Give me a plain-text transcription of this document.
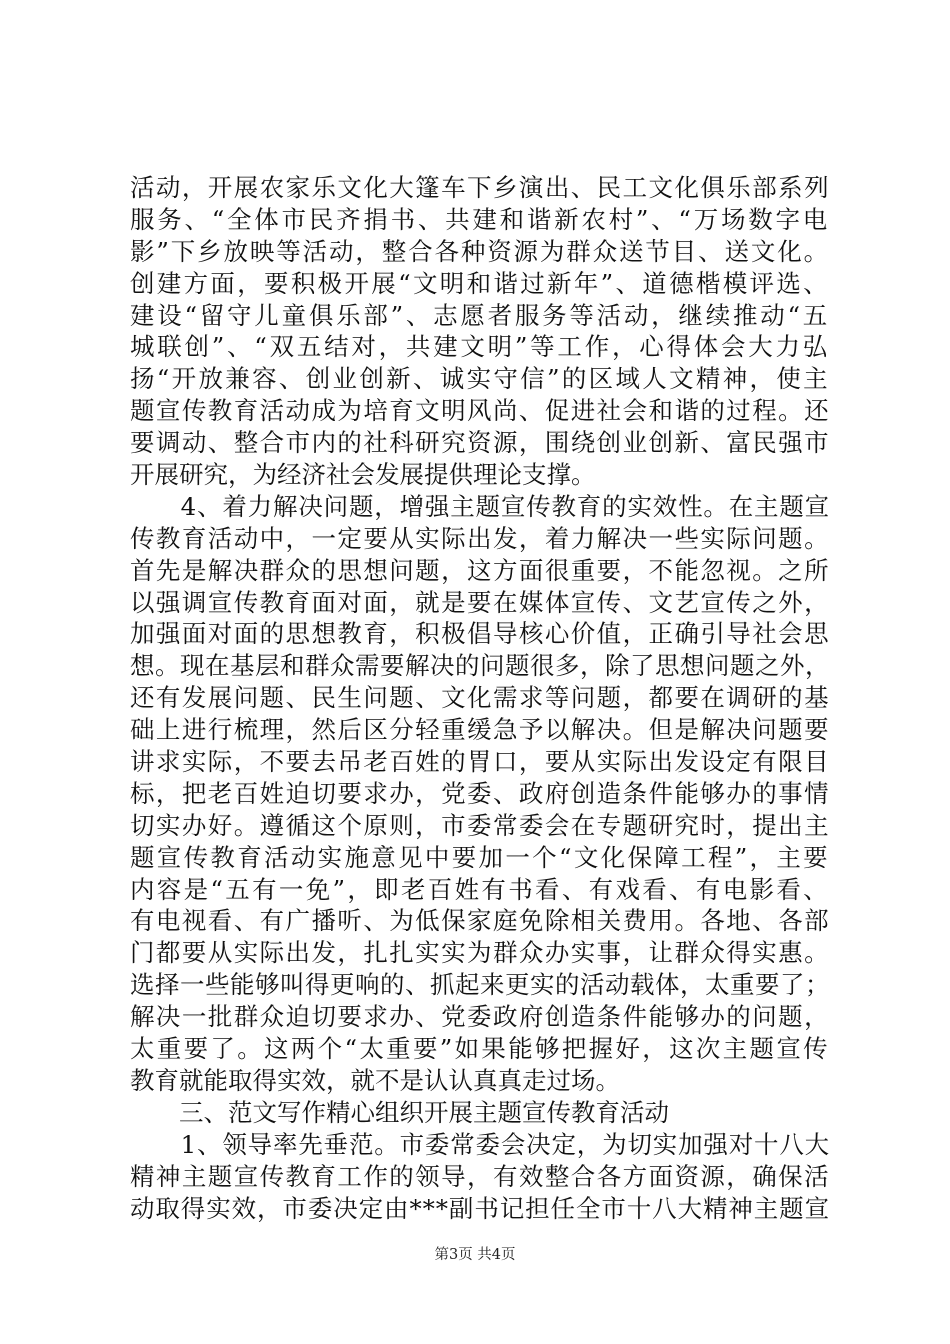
活动，开展农家乐文化大篷车下乡演出、民工文化俱乐部系列
服务、“全体市民齐捐书、共建和谐新农村”、“万场数字电
影”下乡放映等活动，整合各种资源为群众送节目、送文化。
创建方面，要积极开展“文明和谐过新年”、道德楷模评选、
建设“留守儿童俱乐部”、志愿者服务等活动，继续推动“五
城联创”、“双五结对，共建文明”等工作，心得体会大力弘
扬“开放兼容、创业创新、诚实守信”的区域人文精神，使主
题宣传教育活动成为培育文明风尚、促进社会和谐的过程。还
要调动、整合市内的社科研究资源，围绕创业创新、富民强市
开展研究，为经济社会发展提供理论支撑。
　　4、着力解决问题，增强主题宣传教育的实效性。在主题宣
传教育活动中，一定要从实际出发，着力解决一些实际问题。
首先是解决群众的思想问题，这方面很重要，不能忽视。之所
以强调宣传教育面对面，就是要在媒体宣传、文艺宣传之外，
加强面对面的思想教育，积极倡导核心价值，正确引导社会思
想。现在基层和群众需要解决的问题很多，除了思想问题之外，
还有发展问题、民生问题、文化需求等问题，都要在调研的基
础上进行梳理，然后区分轻重缓急予以解决。但是解决问题要
讲求实际，不要去吊老百姓的胃口，要从实际出发设定有限目
标，把老百姓迫切要求办，党委、政府创造条件能够办的事情
切实办好。遵循这个原则，市委常委会在专题研究时，提出主
题宣传教育活动实施意见中要加一个“文化保障工程”，主要
内容是“五有一免”，即老百姓有书看、有戏看、有电影看、
有电视看、有广播听、为低保家庭免除相关费用。各地、各部
门都要从实际出发，扎扎实实为群众办实事，让群众得实惠。
选择一些能够叫得更响的、抓起来更实的活动载体，太重要了；
解决一批群众迫切要求办、党委政府创造条件能够办的问题，
太重要了。这两个“太重要”如果能够把握好，这次主题宣传
教育就能取得实效，就不是认认真真走过场。
　　三、范文写作精心组织开展主题宣传教育活动
　　1、领导率先垂范。市委常委会决定，为切实加强对十八大
精神主题宣传教育工作的领导，有效整合各方面资源，确保活
动取得实效，市委决定由***副书记担任全市十八大精神主题宣
第3页 共4页
